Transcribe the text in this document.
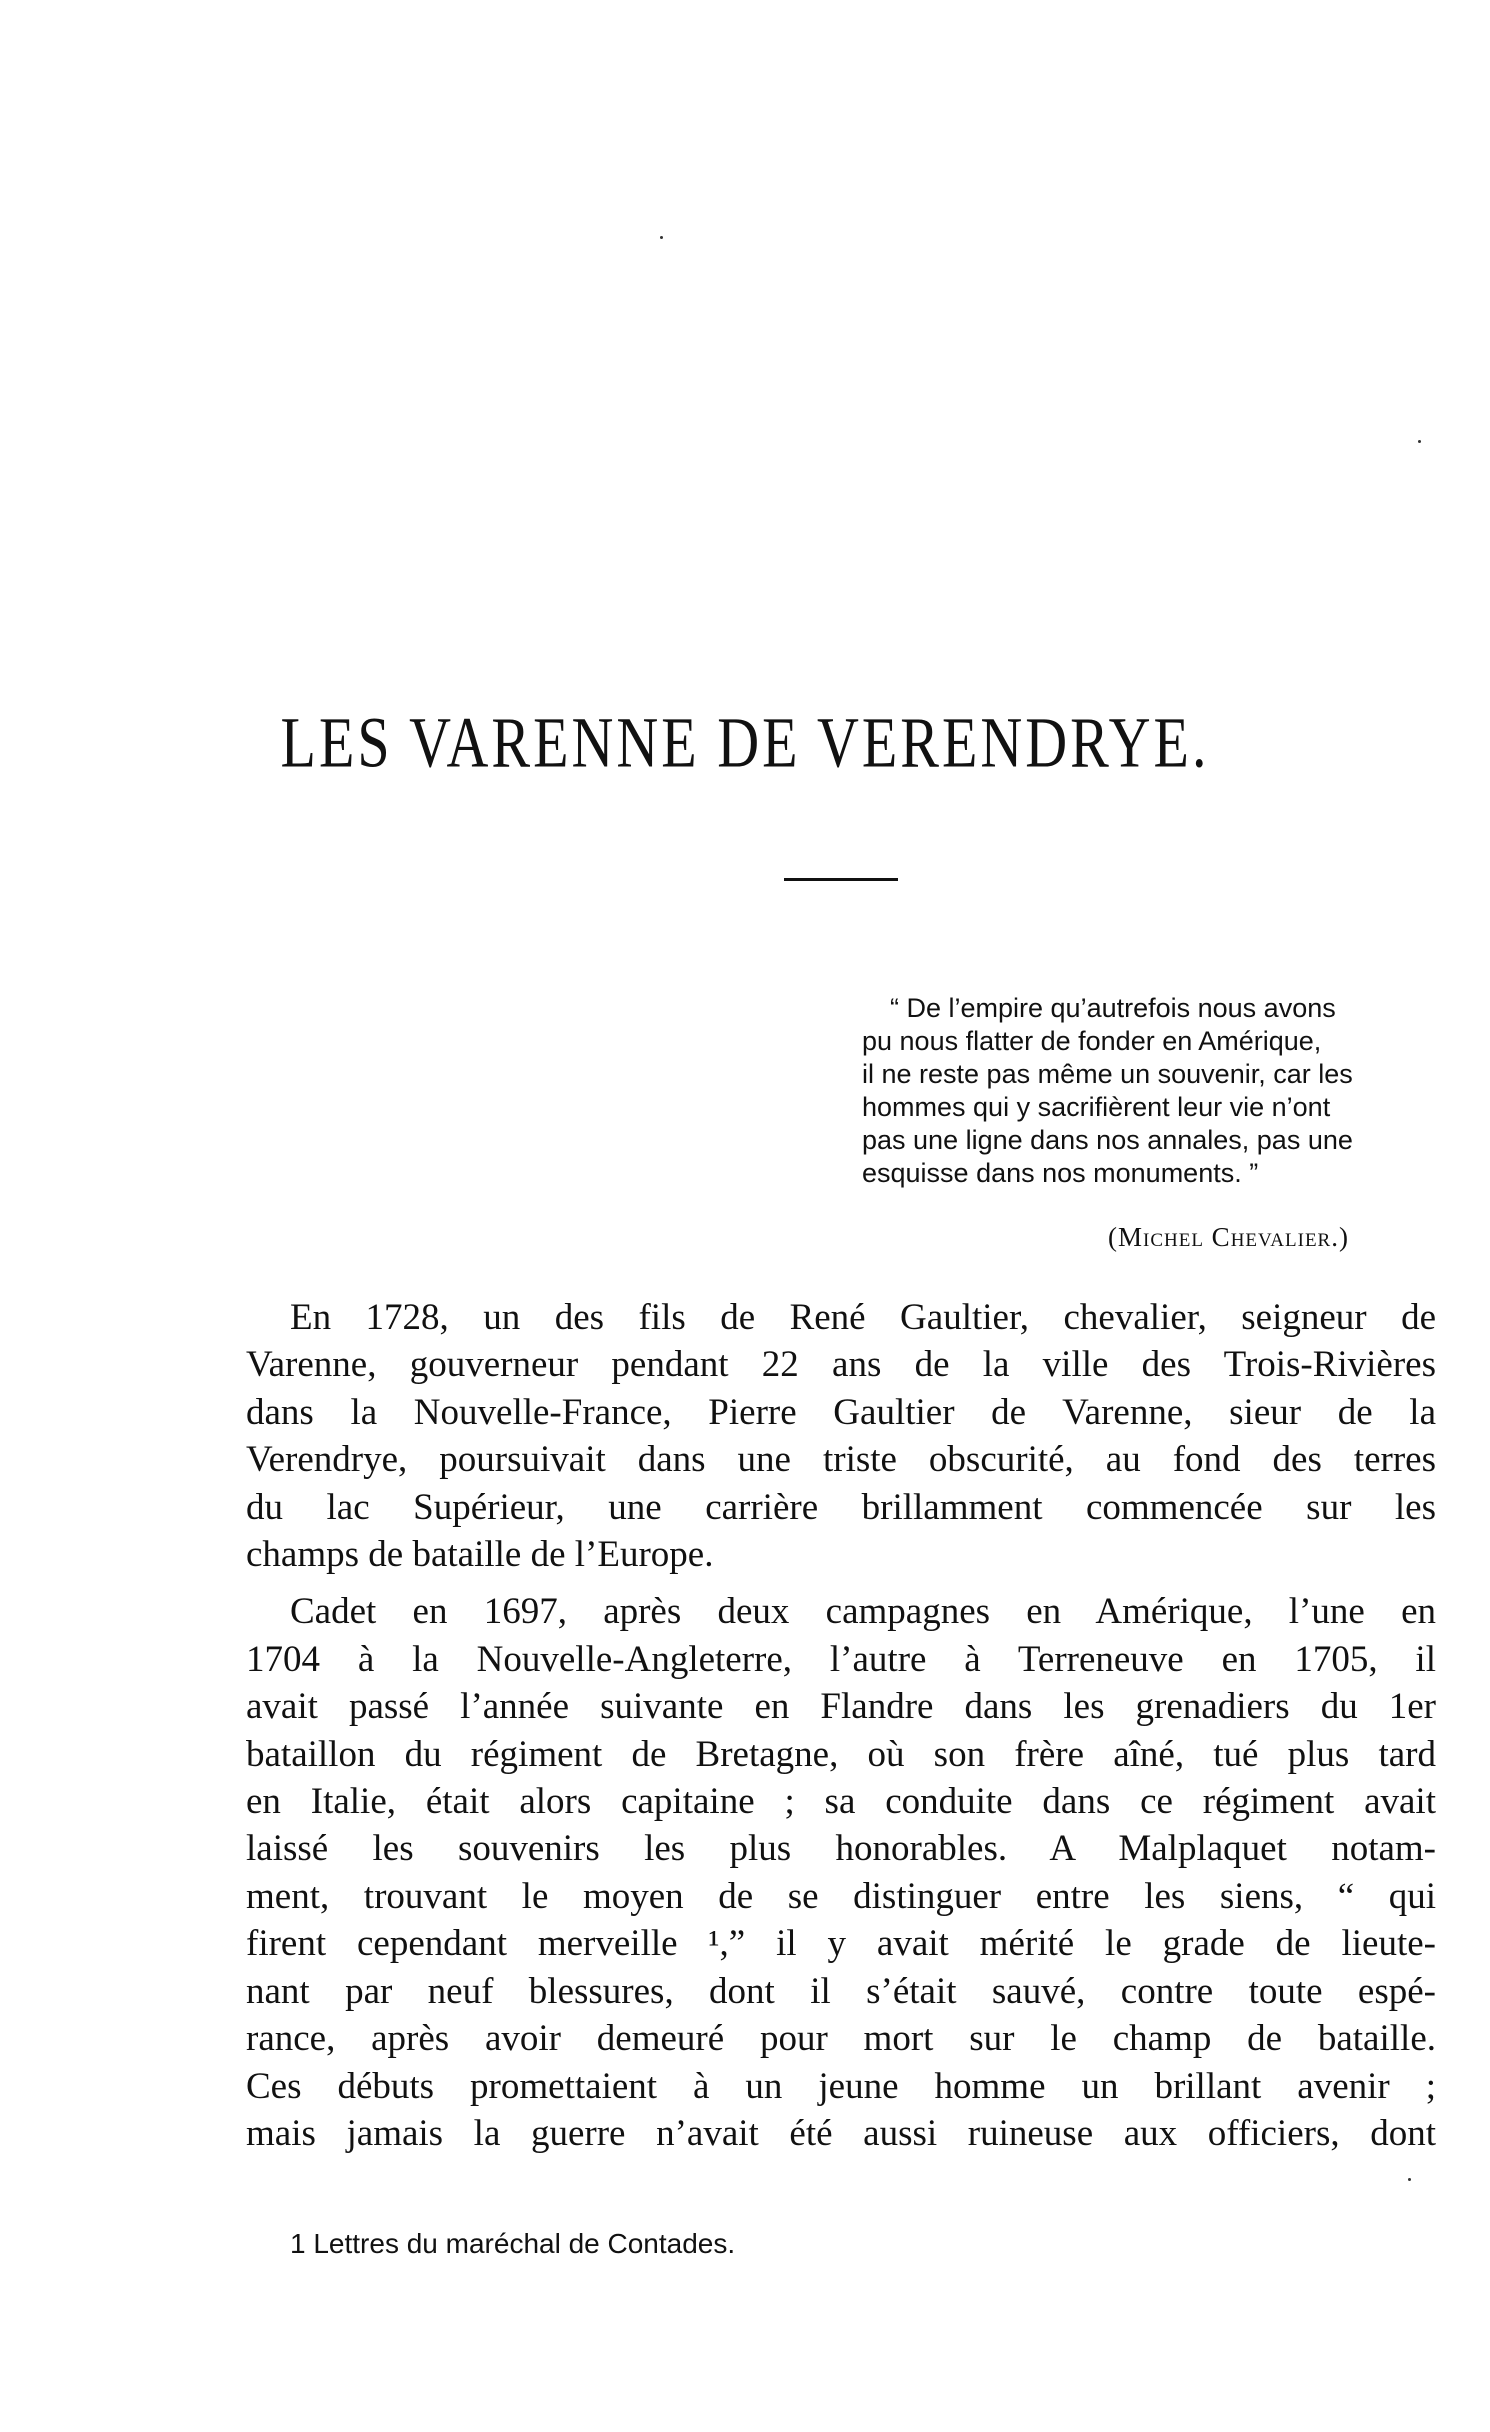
LES VARENNE DE VERENDRYE.
“ De l’empire qu’autrefois nous avons
pu nous flatter de fonder en Amérique,
il ne reste pas même un souvenir, car les
hommes qui y sacrifièrent leur vie n’ont
pas une ligne dans nos annales, pas une
esquisse dans nos monuments. ”
(Michel Chevalier.)

En 1728, un des fils de René Gaultier, chevalier, seigneur de
Varenne, gouverneur pendant 22 ans de la ville des Trois-Rivières
dans la Nouvelle-France, Pierre Gaultier de Varenne, sieur de la
Verendrye, poursuivait dans une triste obscurité, au fond des terres
du lac Supérieur, une carrière brillamment commencée sur les
champs de bataille de l’Europe.

Cadet en 1697, après deux campagnes en Amérique, l’une en
1704 à la Nouvelle-Angleterre, l’autre à Terreneuve en 1705, il
avait passé l’année suivante en Flandre dans les grenadiers du 1er
bataillon du régiment de Bretagne, où son frère aîné, tué plus tard
en Italie, était alors capitaine ; sa conduite dans ce régiment avait
laissé les souvenirs les plus honorables. A Malplaquet notam-
ment, trouvant le moyen de se distinguer entre les siens, “ qui
firent cependant merveille ¹,” il y avait mérité le grade de lieute-
nant par neuf blessures, dont il s’était sauvé, contre toute espé-
rance, après avoir demeuré pour mort sur le champ de bataille.
Ces débuts promettaient à un jeune homme un brillant avenir ;
mais jamais la guerre n’avait été aussi ruineuse aux officiers, dont

1 Lettres du maréchal de Contades.
